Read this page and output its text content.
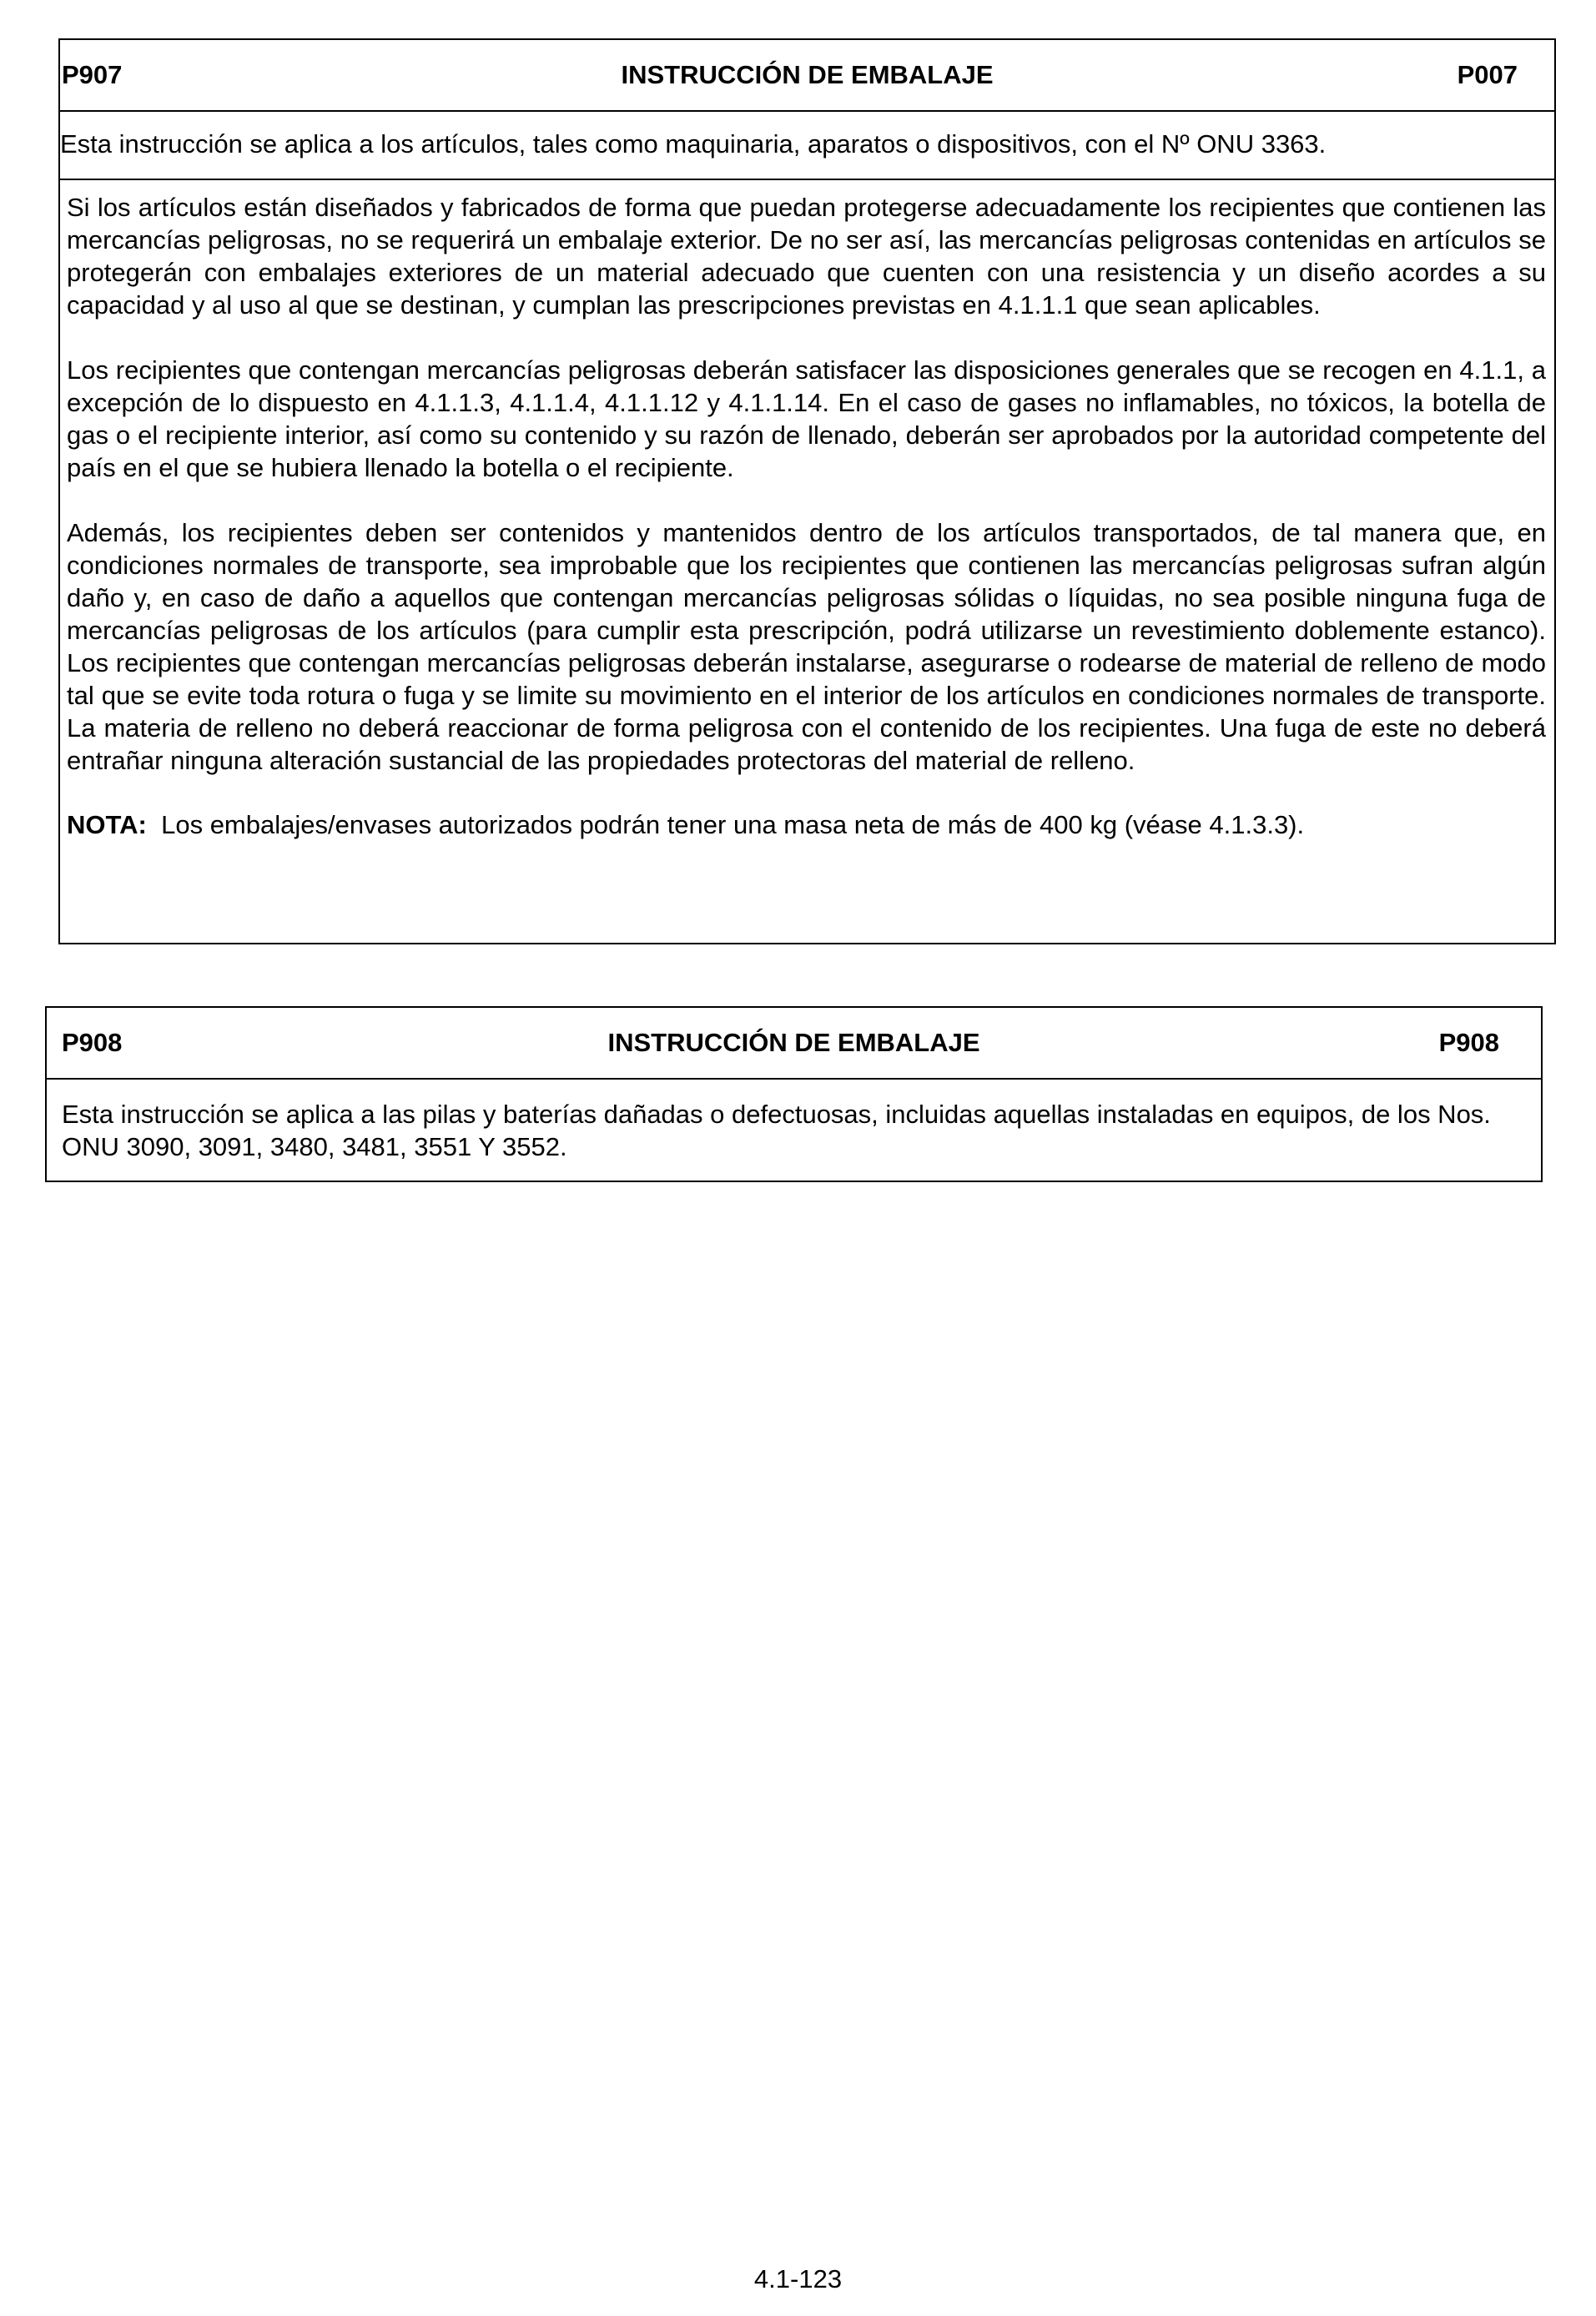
P907	INSTRUCCIÓN DE EMBALAJE	P007
Esta instrucción se aplica a los artículos, tales como maquinaria, aparatos o dispositivos, con el Nº ONU 3363.

Si los artículos están diseñados y fabricados de forma que puedan protegerse adecuadamente los recipientes que contienen las mercancías peligrosas, no se requerirá un embalaje exterior. De no ser así, las mercancías peligrosas contenidas en artículos se protegerán con embalajes exteriores de un material adecuado que cuenten con una resistencia y un diseño acordes a su capacidad y al uso al que se destinan, y cumplan las prescripciones previstas en 4.1.1.1 que sean aplicables.

Los recipientes que contengan mercancías peligrosas deberán satisfacer las disposiciones generales que se recogen en 4.1.1, a excepción de lo dispuesto en 4.1.1.3, 4.1.1.4, 4.1.1.12 y 4.1.1.14. En el caso de gases no inflamables, no tóxicos, la botella de gas o el recipiente interior, así como su contenido y su razón de llenado, deberán ser aprobados por la autoridad competente del país en el que se hubiera llenado la botella o el recipiente.

Además, los recipientes deben ser contenidos y mantenidos dentro de los artículos transportados, de tal manera que, en condiciones normales de transporte, sea improbable que los recipientes que contienen las mercancías peligrosas sufran algún daño y, en caso de daño a aquellos que contengan mercancías peligrosas sólidas o líquidas, no sea posible ninguna fuga de mercancías peligrosas de los artículos (para cumplir esta prescripción, podrá utilizarse un revestimiento doblemente estanco). Los recipientes que contengan mercancías peligrosas deberán instalarse, asegurarse o rodearse de material de relleno de modo tal que se evite toda rotura o fuga y se limite su movimiento en el interior de los artículos en condiciones normales de transporte. La materia de relleno no deberá reaccionar de forma peligrosa con el contenido de los recipientes. Una fuga de este no deberá entrañar ninguna alteración sustancial de las propiedades protectoras del material de relleno.

NOTA: Los embalajes/envases autorizados podrán tener una masa neta de más de 400 kg (véase 4.1.3.3).

P908	INSTRUCCIÓN DE EMBALAJE	P908

Esta instrucción se aplica a las pilas y baterías dañadas o defectuosas, incluidas aquellas instaladas en equipos, de los Nos. ONU 3090, 3091, 3480, 3481, 3551 Y 3552.

4.1-123
